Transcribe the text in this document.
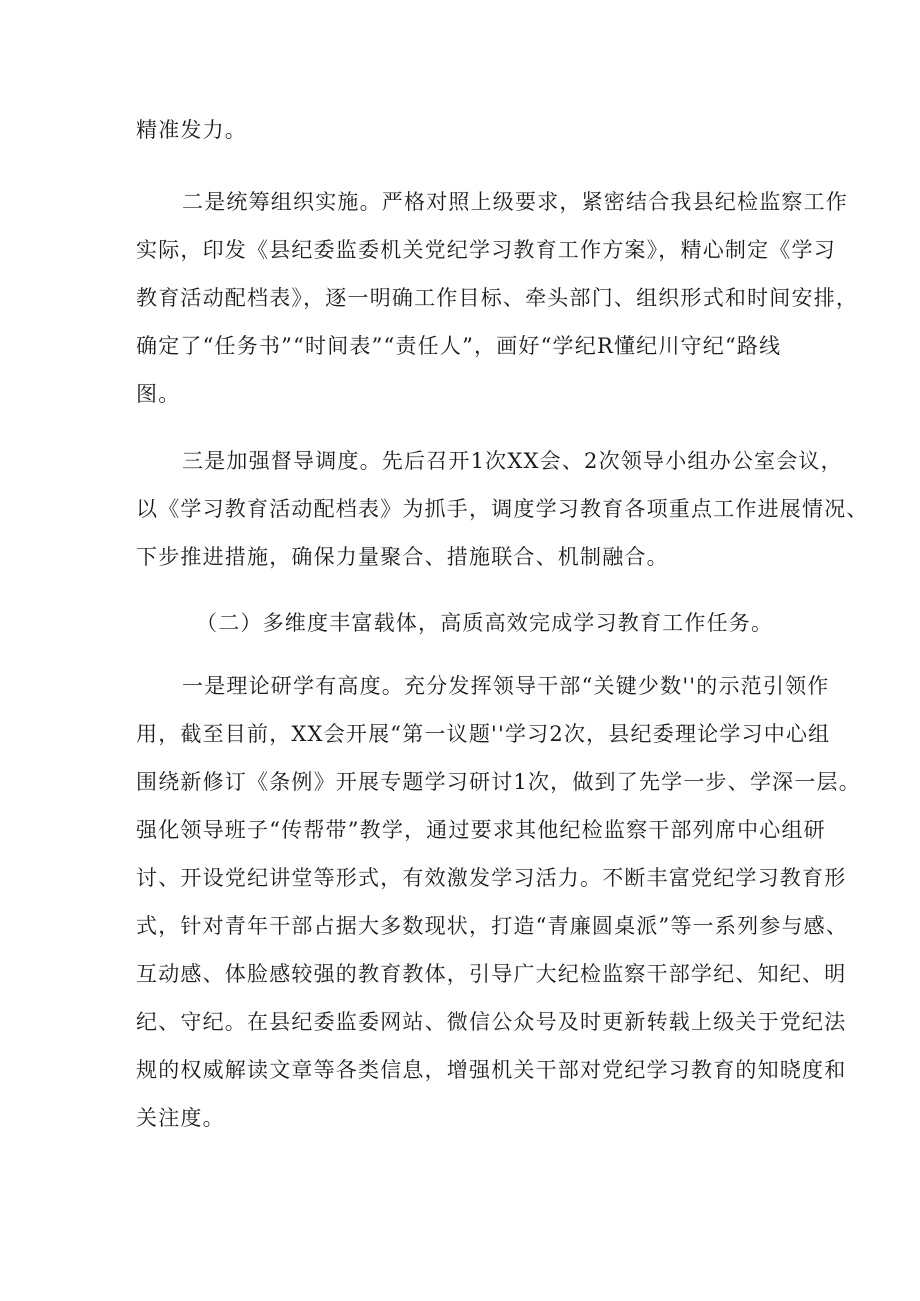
精准发力。
二是统筹组织实施。严格对照上级要求，紧密结合我县纪检监察工作
实际，印发《县纪委监委机关党纪学习教育工作方案》，精心制定《学习
教育活动配档表》，逐一明确工作目标、牵头部门、组织形式和时间安排，
确定了“任务书”“时间表”“责任人”，画好“学纪R懂纪川守纪“路线
图。
三是加强督导调度。先后召开1次XX会、2次领导小组办公室会议，
以《学习教育活动配档表》为抓手，调度学习教育各项重点工作进展情况、
下步推进措施，确保力量聚合、措施联合、机制融合。
（二）多维度丰富载体，高质高效完成学习教育工作任务。
一是理论研学有高度。充分发挥领导干部“关键少数''的示范引领作
用，截至目前，XX会开展“第一议题''学习2次，县纪委理论学习中心组
围绕新修订《条例》开展专题学习研讨1次，做到了先学一步、学深一层。
强化领导班子“传帮带”教学，通过要求其他纪检监察干部列席中心组研
讨、开设党纪讲堂等形式，有效激发学习活力。不断丰富党纪学习教育形
式，针对青年干部占据大多数现状，打造“青廉圆桌派”等一系列参与感、
互动感、体脸感较强的教育教体，引导广大纪检监察干部学纪、知纪、明
纪、守纪。在县纪委监委网站、微信公众号及时更新转载上级关于党纪法
规的权威解读文章等各类信息，增强机关干部对党纪学习教育的知晓度和
关注度。
